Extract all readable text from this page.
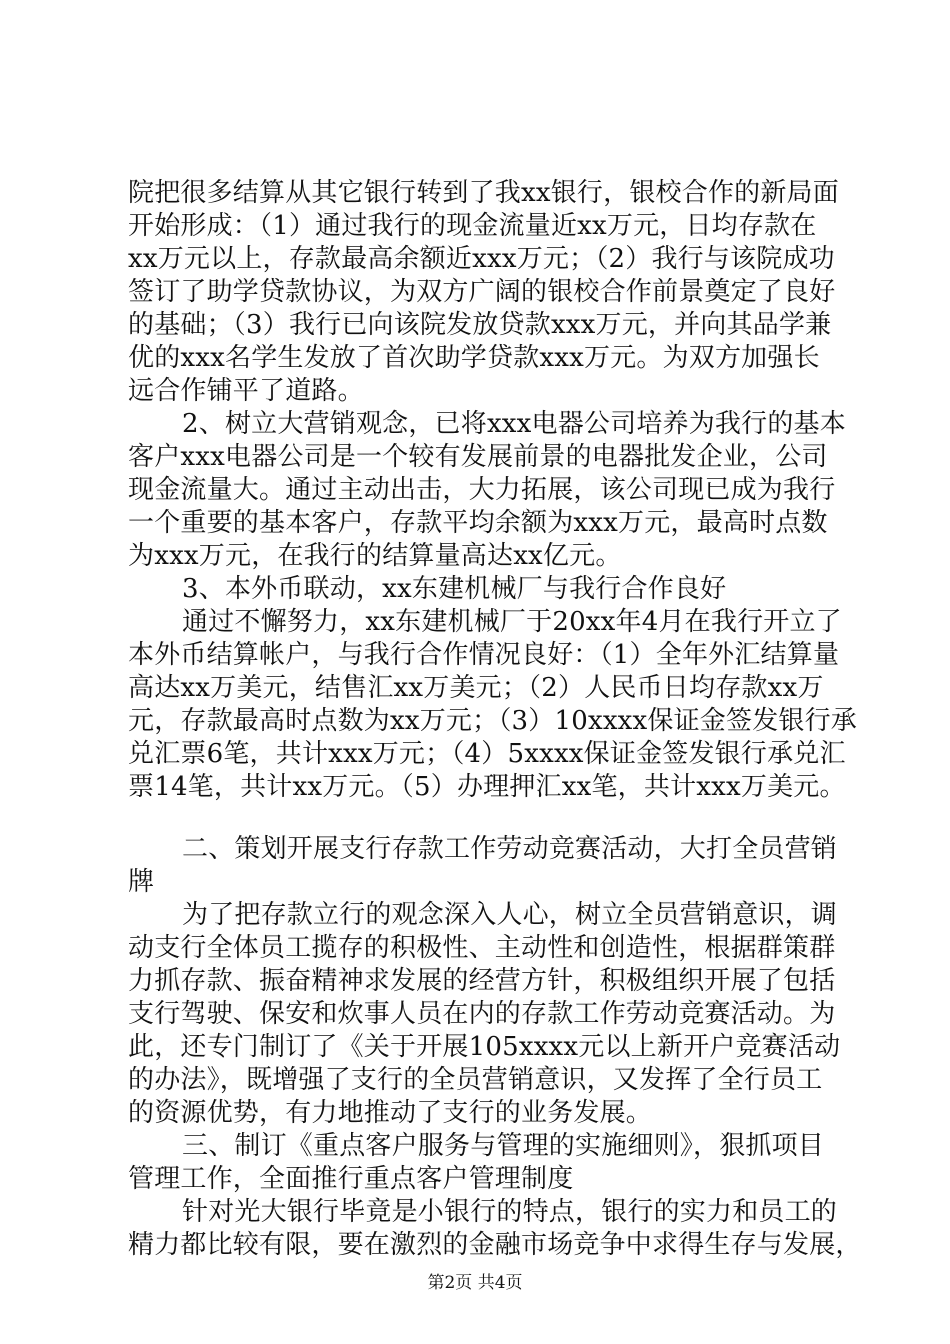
院把很多结算从其它银行转到了我xx银行，银校合作的新局面
开始形成：（1）通过我行的现金流量近xx万元，日均存款在
xx万元以上，存款最高余额近xxx万元；（2）我行与该院成功
签订了助学贷款协议，为双方广阔的银校合作前景奠定了良好
的基础；（3）我行已向该院发放贷款xxx万元，并向其品学兼
优的xxx名学生发放了首次助学贷款xxx万元。为双方加强长
远合作铺平了道路。
2、树立大营销观念，已将xxx电器公司培养为我行的基本
客户xxx电器公司是一个较有发展前景的电器批发企业，公司
现金流量大。通过主动出击，大力拓展，该公司现已成为我行
一个重要的基本客户，存款平均余额为xxx万元，最高时点数
为xxx万元，在我行的结算量高达xx亿元。
3、本外币联动，xx东建机械厂与我行合作良好
通过不懈努力，xx东建机械厂于20xx年4月在我行开立了
本外币结算帐户，与我行合作情况良好：（1）全年外汇结算量
高达xx万美元，结售汇xx万美元；（2）人民币日均存款xx万
元，存款最高时点数为xx万元；（3）10xxxx保证金签发银行承
兑汇票6笔，共计xxx万元；（4）5xxxx保证金签发银行承兑汇
票14笔，共计xx万元。（5）办理押汇xx笔，共计xxx万美元。
二、策划开展支行存款工作劳动竞赛活动，大打全员营销
牌
为了把存款立行的观念深入人心，树立全员营销意识，调
动支行全体员工揽存的积极性、主动性和创造性，根据群策群
力抓存款、振奋精神求发展的经营方针，积极组织开展了包括
支行驾驶、保安和炊事人员在内的存款工作劳动竞赛活动。为
此，还专门制订了《关于开展105xxxx元以上新开户竞赛活动
的办法》，既增强了支行的全员营销意识，又发挥了全行员工
的资源优势，有力地推动了支行的业务发展。
三、制订《重点客户服务与管理的实施细则》，狠抓项目
管理工作，全面推行重点客户管理制度
针对光大银行毕竟是小银行的特点，银行的实力和员工的
精力都比较有限，要在激烈的金融市场竞争中求得生存与发展，
第2页 共4页
